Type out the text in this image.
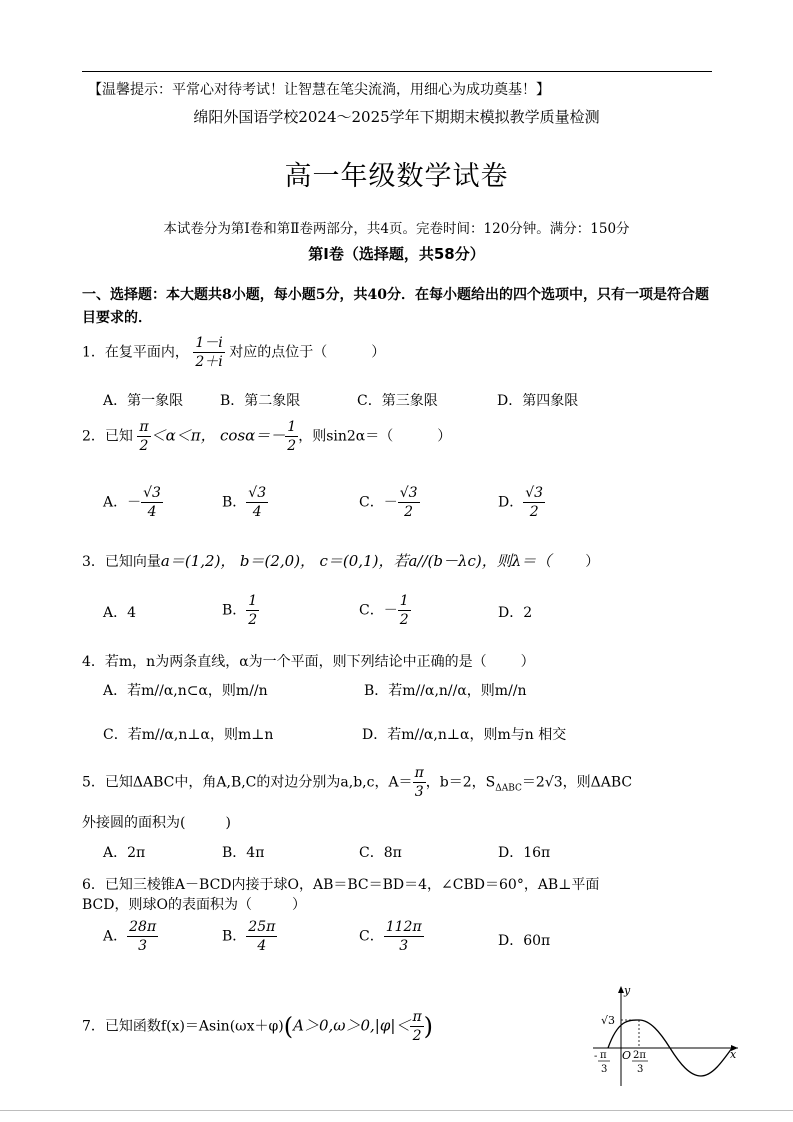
【温馨提示：平常心对待考试！让智慧在笔尖流淌，用细心为成功奠基！】
绵阳外国语学校2024～2025学年下期期末模拟教学质量检测
高一年级数学试卷
本试卷分为第Ⅰ卷和第Ⅱ卷两部分，共4页。完卷时间：120分钟。满分：150分
第Ⅰ卷（选择题，共58分）
一、选择题：本大题共8小题，每小题5分，共40分．在每小题给出的四个选项中，只有一项是符合题目要求的．
1．在复平面内， $\frac{1-i}{2+i}$ 对应的点位于（	）
A．第一象限	B．第二象限	C．第三象限	D．第四象限
2．已知 $\frac{\pi}{2} <\alpha<\pi$， $\cos\alpha=- \frac{1}{2}$ ，则sin2α＝（	）
A．－ $\frac{√3}{4}$	B． $\frac{√3}{4}$	C．－ $\frac{√3}{2}$	D． $\frac{√3}{2}$
3．已知向量a＝(1,2)， b＝(2,0)， c＝(0,1)，若a//(b－λc)，则λ＝（ ）
A．4	B． $\frac{1}{2}$	C．－ $\frac{1}{2}$	D．2
4．若m，n为两条直线，α为一个平面，则下列结论中正确的是（ ）
A．若m//α,n⊂α，则m//n	B．若m//α,n//α，则m//n
C．若m//α,n⊥α，则m⊥n	D．若m//α,n⊥α，则m与n 相交
5．已知ΔABC中，角A,B,C的对边分别为a,b,c，$A= \frac{\pi}{3}$ ，b＝2，$S_{\Delta ABC}=2√3$，则ΔABC
外接圆的面积为(	)
A．2π	B．4π	C．8π	D．16π
6．已知三棱锥A－BCD内接于球O，AB＝BC＝BD＝4，∠CBD＝60°，AB⊥平面
BCD，则球O的表面积为（	）
A． $\frac{28\pi}{3}$	B． $\frac{25\pi}{4}$	C． $\frac{112\pi}{3}$	D．60π
7．已知函数$f(x)=Asin(\omega x+\varphi)(A>0,\omega>0,|\varphi|< \frac{\pi}{2}$ )
y
x
√3
O
- π
3
2π
3
